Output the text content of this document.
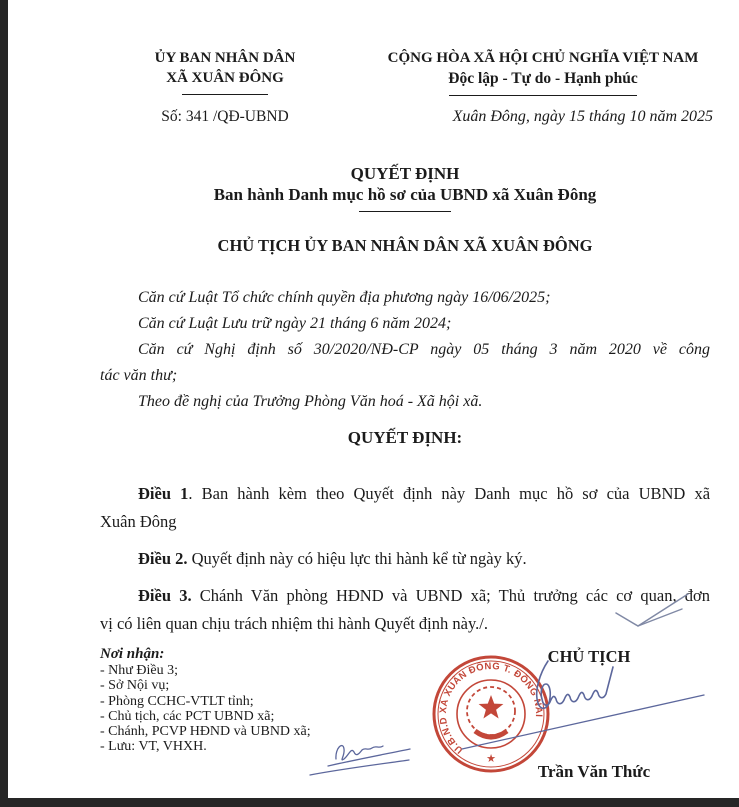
ỦY BAN NHÂN DÂN
XÃ XUÂN ĐÔNG
CỘNG HÒA XÃ HỘI CHỦ NGHĨA VIỆT NAM
Độc lập - Tự do - Hạnh phúc
Số: 341 /QĐ-UBND	Xuân Đông, ngày 15 tháng 10 năm 2025
QUYẾT ĐỊNH
Ban hành Danh mục hồ sơ của UBND xã Xuân Đông
CHỦ TỊCH ỦY BAN NHÂN DÂN XÃ XUÂN ĐÔNG

Căn cứ Luật Tổ chức chính quyền địa phương ngày 16/06/2025;

Căn cứ Luật Lưu trữ ngày 21 tháng 6 năm 2024;

Căn cứ Nghị định số 30/2020/NĐ-CP ngày 05 tháng 3 năm 2020 về công

tác văn thư;

Theo đề nghị của Trưởng Phòng Văn hoá - Xã hội xã.

QUYẾT ĐỊNH:

Điều 1. Ban hành kèm theo Quyết định này Danh mục hồ sơ của UBND xã

Xuân Đông

Điều 2. Quyết định này có hiệu lực thi hành kể từ ngày ký.

Điều 3. Chánh Văn phòng HĐND và UBND xã; Thủ trưởng các cơ quan, đơn

vị có liên quan chịu trách nhiệm thi hành Quyết định này./.

Nơi nhận:
- Như Điều 3;
- Sở Nội vụ;
- Phòng CCHC-VTLT tỉnh;
- Chủ tịch, các PCT UBND xã;
- Chánh, PCVP HĐND và UBND xã;
- Lưu: VT, VHXH.	U.B.N.D XÃ XUÂN ĐÔNG T. ĐỒNG NAI
★
CHỦ TỊCH
Trần Văn Thức
